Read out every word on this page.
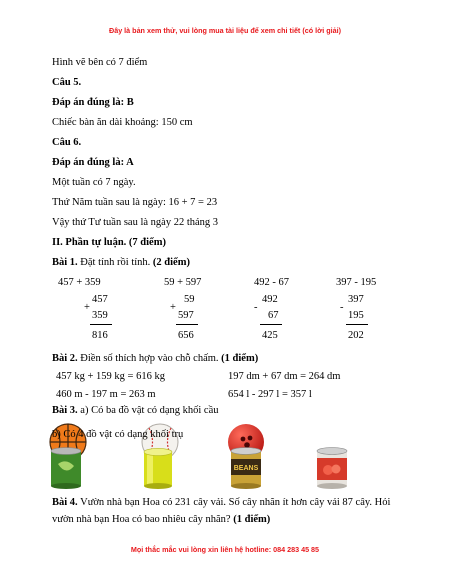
Đây là bản xem thử, vui lòng mua tài liệu để xem chi tiết (có lời giải)
Hình vẽ bên có 7 điểm
Câu 5.
Đáp án đúng là: B
Chiếc bàn ăn dài khoảng: 150 cm
Câu 6.
Đáp án đúng là: A
Một tuần có 7 ngày.
Thứ Năm tuần sau là ngày: 16 + 7 = 23
Vậy thứ Tư tuần sau là ngày 22 tháng 3
II. Phần tự luận. (7 điểm)
Bài 1. Đặt tính rồi tính. (2 điểm)
457 + 359	59 + 597	492 - 67	397 - 195
457
+
359
816
59
+
597
656
492
-
67
425
397
-
195
202
Bài 2. Điền số thích hợp vào chỗ chấm. (1 điểm)
457 kg + 159 kg = 616 kg	197 dm + 67 dm = 264 dm
460 m - 197 m = 263 m	654 l - 297 l = 357 l
Bài 3. a) Có ba đồ vật có dạng khối cầu
b) Có 4 đồ vật có dạng khối trụ
BEANS
Bài 4. Vườn nhà bạn Hoa có 231 cây vải. Số cây nhãn ít hơn cây vải 87 cây. Hỏi
vườn nhà bạn Hoa có bao nhiêu cây nhãn? (1 điểm)
Mọi thắc mắc vui lòng xin liên hệ hotline: 084 283 45 85
